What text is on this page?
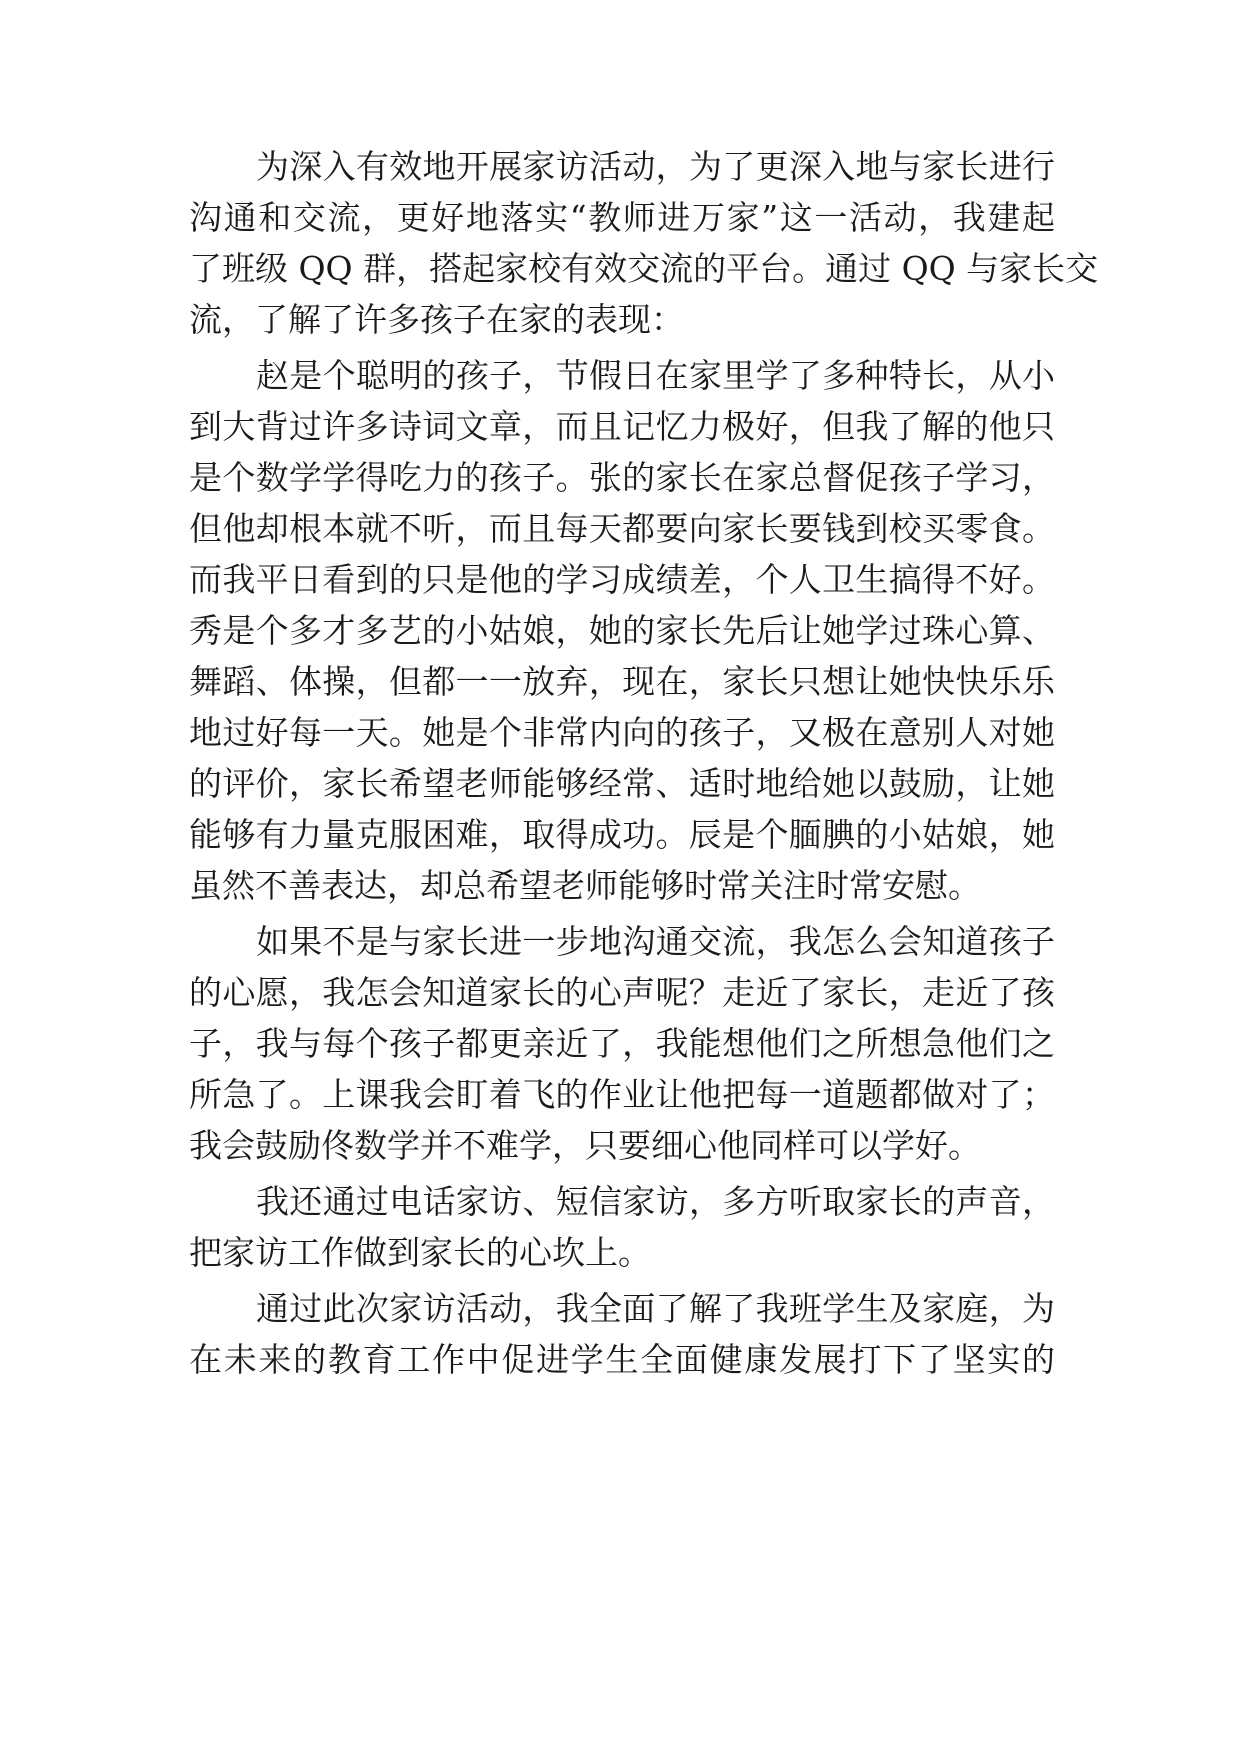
为深入有效地开展家访活动，为了更深入地与家长进行
沟通和交流，更好地落实“教师进万家”这一活动，我建起
了班级 QQ 群，搭起家校有效交流的平台。通过 QQ 与家长交
流，了解了许多孩子在家的表现：
赵是个聪明的孩子，节假日在家里学了多种特长，从小
到大背过许多诗词文章，而且记忆力极好，但我了解的他只
是个数学学得吃力的孩子。张的家长在家总督促孩子学习，
但他却根本就不听，而且每天都要向家长要钱到校买零食。
而我平日看到的只是他的学习成绩差，个人卫生搞得不好。
秀是个多才多艺的小姑娘，她的家长先后让她学过珠心算、
舞蹈、体操，但都一一放弃，现在，家长只想让她快快乐乐
地过好每一天。她是个非常内向的孩子，又极在意别人对她
的评价，家长希望老师能够经常、适时地给她以鼓励，让她
能够有力量克服困难，取得成功。辰是个腼腆的小姑娘，她
虽然不善表达，却总希望老师能够时常关注时常安慰。
如果不是与家长进一步地沟通交流，我怎么会知道孩子
的心愿，我怎会知道家长的心声呢？走近了家长，走近了孩
子，我与每个孩子都更亲近了，我能想他们之所想急他们之
所急了。上课我会盯着飞的作业让他把每一道题都做对了；
我会鼓励佟数学并不难学，只要细心他同样可以学好。
我还通过电话家访、短信家访，多方听取家长的声音，
把家访工作做到家长的心坎上。
通过此次家访活动，我全面了解了我班学生及家庭，为
在未来的教育工作中促进学生全面健康发展打下了坚实的
